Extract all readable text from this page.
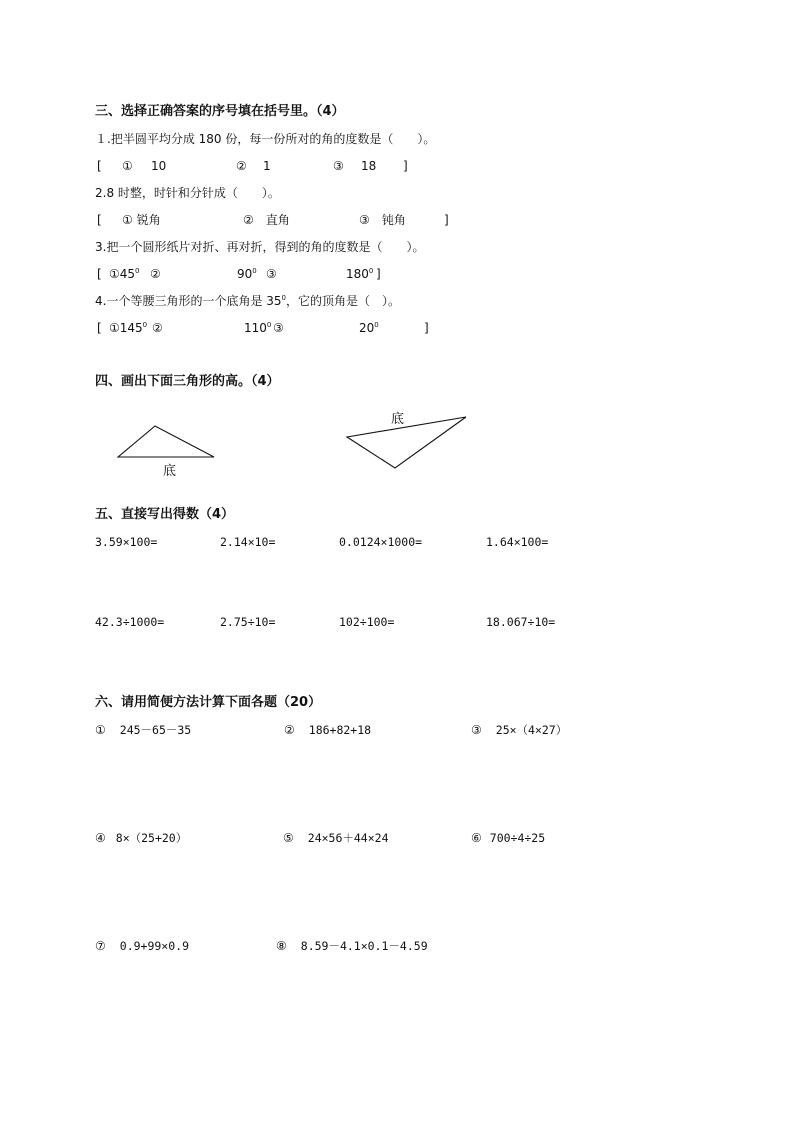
三、选择正确答案的序号填在括号里。（4）
１.把半圆平均分成 180 份，每一份所对的角的度数是（　　）。
[ ① 10	② 1	③ 18 ]
2.8 时整，时针和分针成（　　）。
[ ① 锐角	②　直角	③　钝角	]
3.把一个圆形纸片对折、再对折，得到的角的度数是（　　）。
[ $①45^0$ ②	$90^0$ ③	$180^0$ ]
4.一个等腰三角形的一个底角是 $35^0$，它的顶角是（　）。
[ $①145^0$ ②	$110^0$ ③	$20^0$	]
四、画出下面三角形的高。（4）
底
底
五、直接写出得数（4）
3.59×100=	2.14×10=	0.0124×1000=	1.64×100=
42.3÷1000=	2.75÷10=	102÷100=	18.067÷10=
六、请用简便方法计算下面各题（20）
① 245－65－35	② 186+82+18	③ 25×（4×27）
④ 8×（25+20）	⑤ 24×56＋44×24	⑥ 700÷4÷25
⑦ 0.9+99×0.9	⑧ 8.59－4.1×0.1－4.59
